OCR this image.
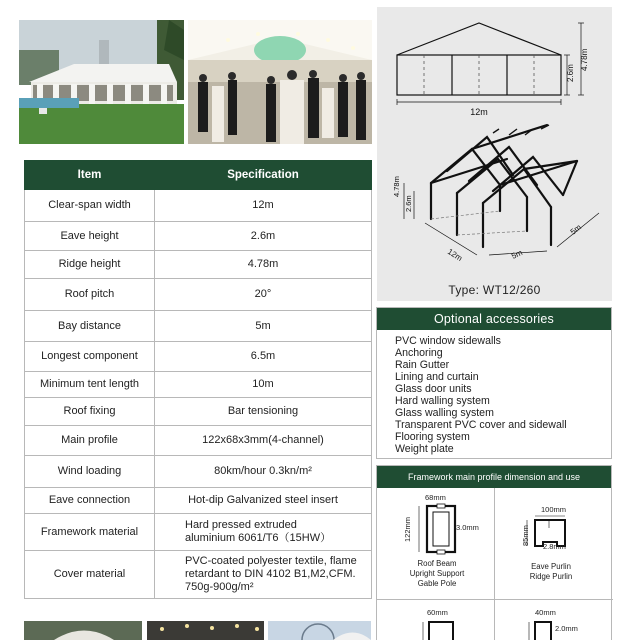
Item	Specification
Clear-span width	12m
Eave height	2.6m
Ridge height	4.78m
Roof pitch	20°
Bay distance	5m
Longest component	6.5m
Minimum tent length	10m
Roof fixing	Bar tensioning
Main profile	122x68x3mm(4-channel)
Wind loading	80km/hour 0.3kn/m²
Eave connection	Hot-dip Galvanized steel insert
Framework material	Hard pressed extruded
aluminium 6061/T6（15HW）

Cover material	PVC-coated polyester textile, flame
retardant to DIN 4102 B1,M2,CFM.
750g-900g/m²
12m
2.6m
4.78m
4.78m
2.6m
12m	5m
5m
Type: WT12/260
Optional accessories
PVC window sidewalls
Anchoring
Rain Gutter
Lining and curtain
Glass door units
Hard walling system
Glass walling system
Transparent PVC cover and sidewall
Flooring system
Weight plate
Framework main profile dimension and use
68mm
122mm	3.0mm
Roof Beam
Upright Support
Gable Pole
100mm
85mm
2.8mm
Eave Purlin
Ridge Purlin
60mm	40mm
2.0mm
